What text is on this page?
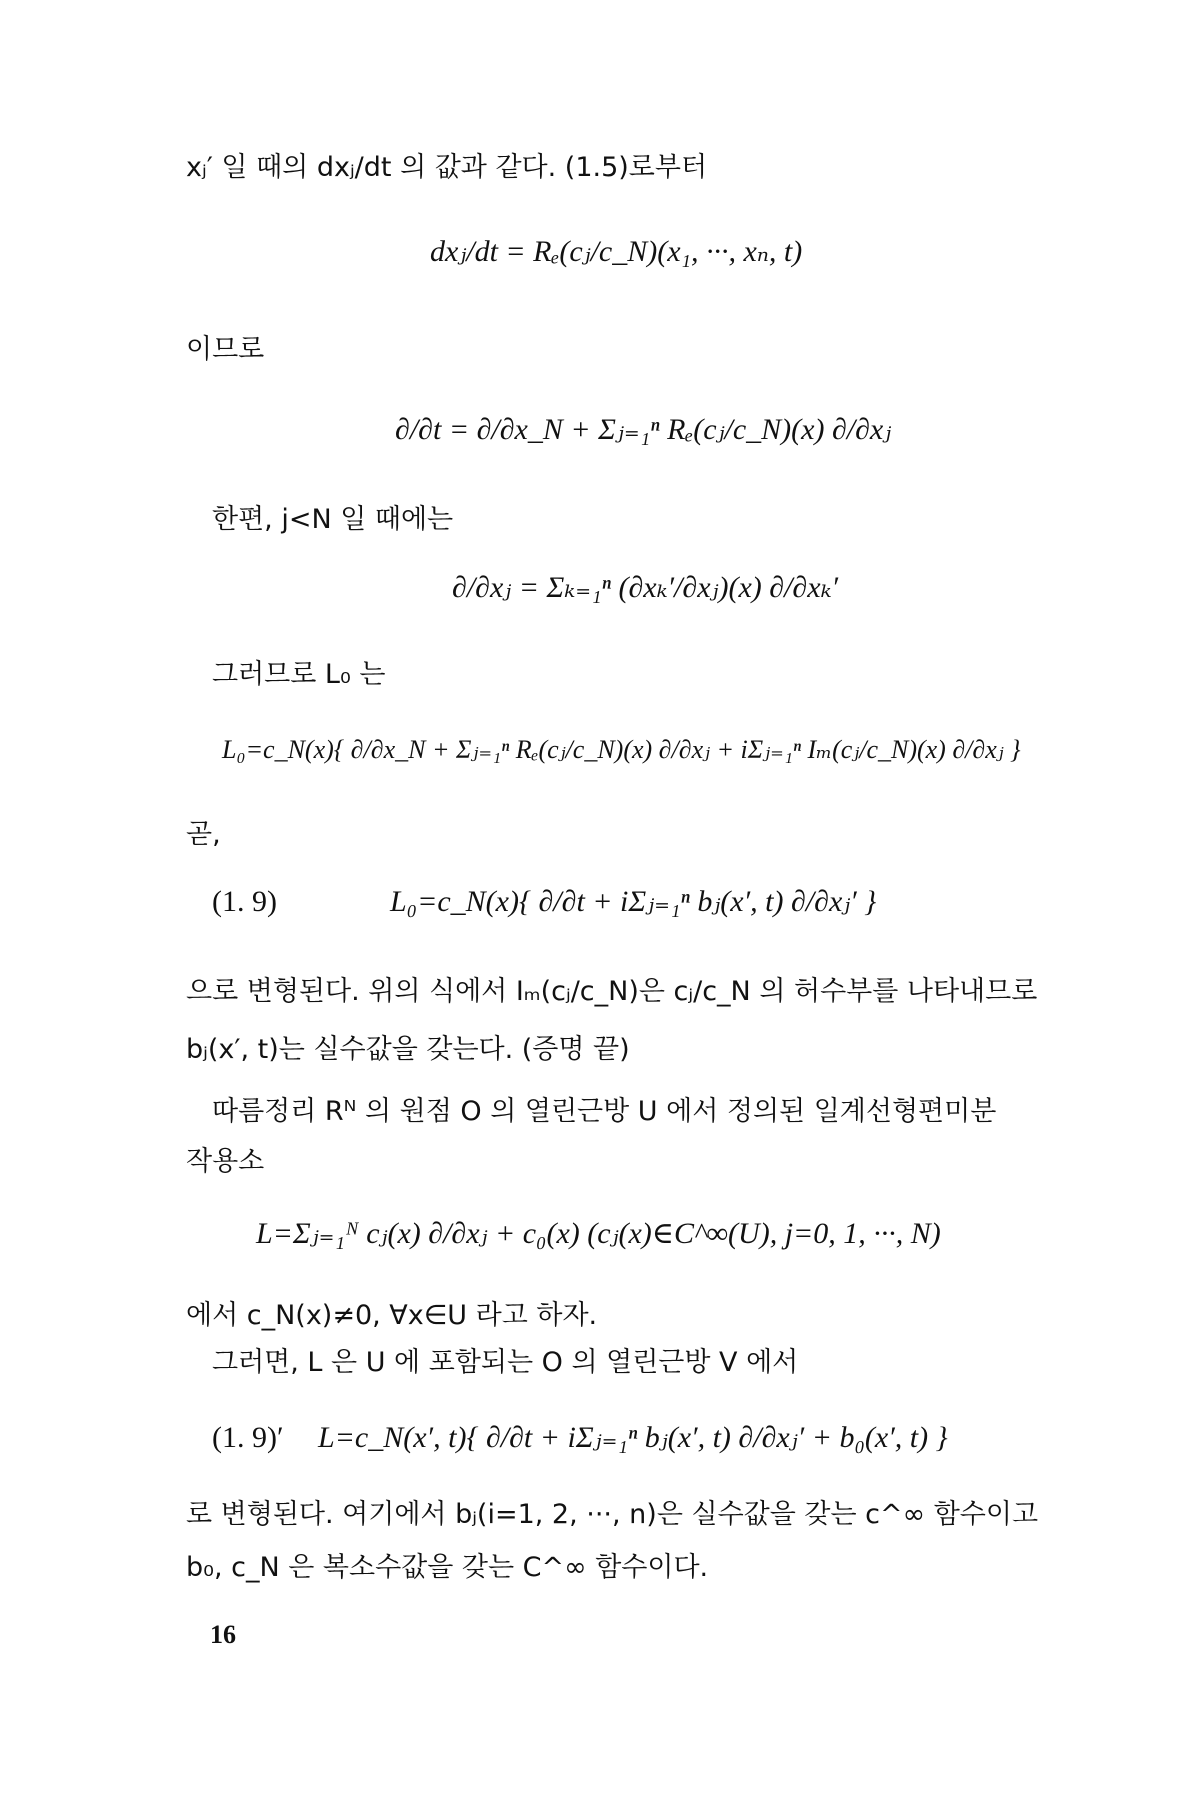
xⱼ′ 일 때의 dxⱼ/dt 의 값과 같다. (1.5)로부터
dxⱼ/dt = Rₑ(cⱼ/c_N)(x₁, ···, xₙ, t)
이므로
∂/∂t = ∂/∂x_N + Σⱼ₌₁ⁿ Rₑ(cⱼ/c_N)(x) ∂/∂xⱼ
한편, j<N 일 때에는
∂/∂xⱼ = Σₖ₌₁ⁿ (∂xₖ′/∂xⱼ)(x) ∂/∂xₖ′
그러므로 L₀ 는
L₀=c_N(x){ ∂/∂x_N + Σⱼ₌₁ⁿ Rₑ(cⱼ/c_N)(x) ∂/∂xⱼ + iΣⱼ₌₁ⁿ Iₘ(cⱼ/c_N)(x) ∂/∂xⱼ }
곧,
(1. 9)	L₀=c_N(x){ ∂/∂t + iΣⱼ₌₁ⁿ bⱼ(x′, t) ∂/∂xⱼ′ }
으로 변형된다. 위의 식에서 Iₘ(cⱼ/c_N)은 cⱼ/c_N 의 허수부를 나타내므로
bⱼ(x′, t)는 실수값을 갖는다. (증명 끝)
따름정리 Rᴺ 의 원점 O 의 열린근방 U 에서 정의된 일계선형편미분
작용소
L=Σⱼ₌₁ᴺ cⱼ(x) ∂/∂xⱼ + c₀(x) (cⱼ(x)∈C^∞(U), j=0, 1, ···, N)
에서 c_N(x)≠0, ∀x∈U 라고 하자.
그러면, L 은 U 에 포함되는 O 의 열린근방 V 에서
(1. 9)′ L=c_N(x′, t){ ∂/∂t + iΣⱼ₌₁ⁿ bⱼ(x′, t) ∂/∂xⱼ′ + b₀(x′, t) }
로 변형된다. 여기에서 bⱼ(i=1, 2, ···, n)은 실수값을 갖는 c^∞ 함수이고
b₀, c_N 은 복소수값을 갖는 C^∞ 함수이다.
16
